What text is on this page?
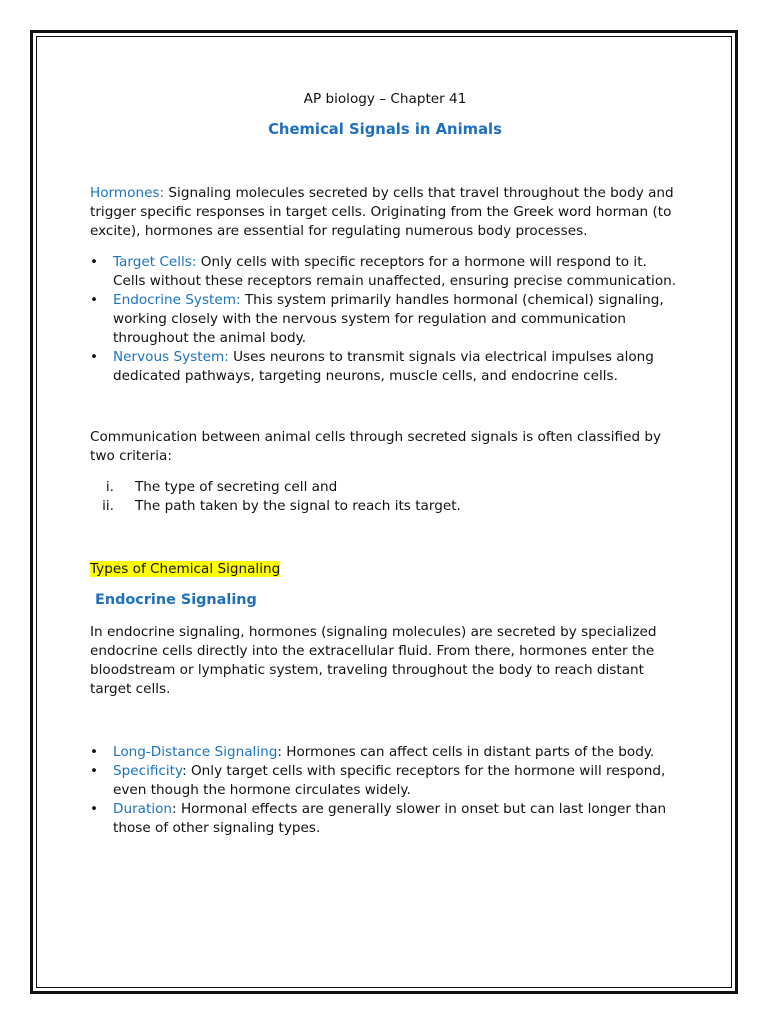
AP biology – Chapter 41

Chemical Signals in Animals

Hormones: Signaling molecules secreted by cells that travel throughout the body and trigger specific responses in target cells. Originating from the Greek word horman (to excite), hormones are essential for regulating numerous body processes.

• Target Cells: Only cells with specific receptors for a hormone will respond to it. Cells without these receptors remain unaffected, ensuring precise communication.
• Endocrine System: This system primarily handles hormonal (chemical) signaling, working closely with the nervous system for regulation and communication throughout the animal body.
• Nervous System: Uses neurons to transmit signals via electrical impulses along dedicated pathways, targeting neurons, muscle cells, and endocrine cells.

Communication between animal cells through secreted signals is often classified by two criteria:

i. The type of secreting cell and
ii. The path taken by the signal to reach its target.

Types of Chemical Signaling

Endocrine Signaling

In endocrine signaling, hormones (signaling molecules) are secreted by specialized endocrine cells directly into the extracellular fluid. From there, hormones enter the bloodstream or lymphatic system, traveling throughout the body to reach distant target cells.

• Long-Distance Signaling: Hormones can affect cells in distant parts of the body.
• Specificity: Only target cells with specific receptors for the hormone will respond, even though the hormone circulates widely.
• Duration: Hormonal effects are generally slower in onset but can last longer than those of other signaling types.
